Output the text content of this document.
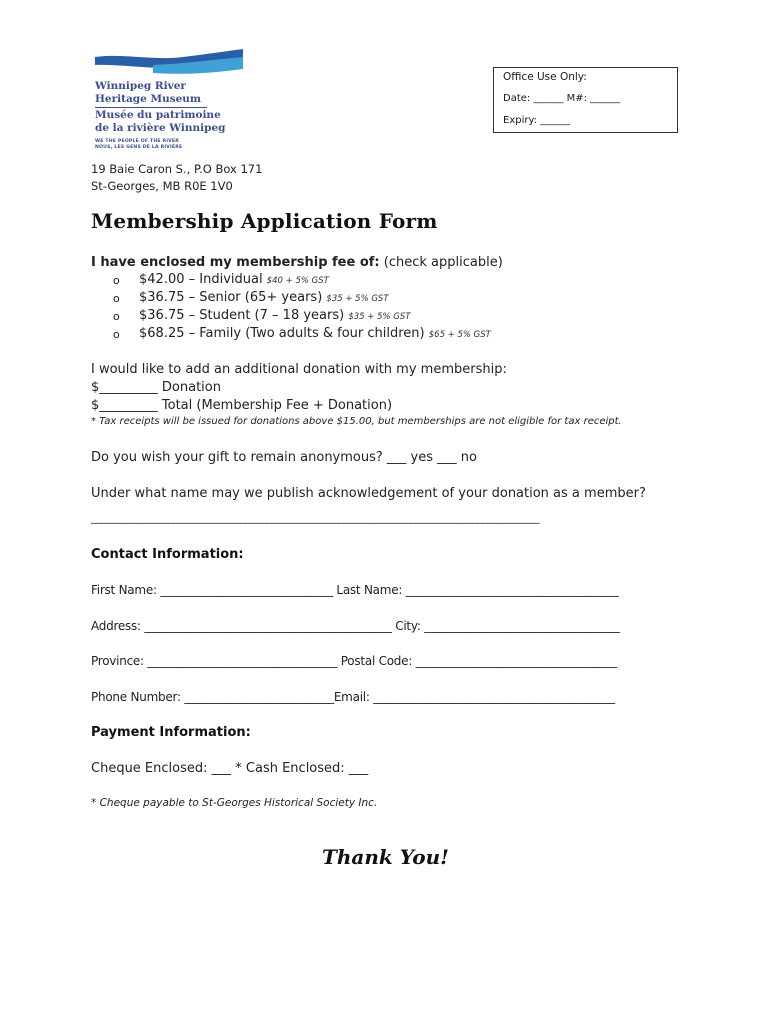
Winnipeg River
Heritage Museum
Musée du patrimoine
de la rivière Winnipeg
WE THE PEOPLE OF THE RIVER
NOUS, LES GENS DE LA RIVIÈRE
Office Use Only:
Date: ______ M#: ______
Expiry: ______
19 Baie Caron S., P.O Box 171
St-Georges, MB R0E 1V0
Membership Application Form
I have enclosed my membership fee of: (check applicable)
o $42.00 – Individual $40 + 5% GST
o $36.75 – Senior (65+ years) $35 + 5% GST
o $36.75 – Student (7 – 18 years) $35 + 5% GST
o $68.25 – Family (Two adults & four children) $65 + 5% GST
I would like to add an additional donation with my membership:
$_________ Donation
$_________ Total (Membership Fee + Donation)
* Tax receipts will be issued for donations above $15.00, but memberships are not eligible for tax receipt.
Do you wish your gift to remain anonymous? ___ yes ___ no
Under what name may we publish acknowledgement of your donation as a member?
_______________________________________________________________________________________
Contact Information:
First Name: ______________________________ Last Name: _____________________________________
Address: ___________________________________________ City: __________________________________
Province: _________________________________ Postal Code: ___________________________________
Phone Number: __________________________Email: __________________________________________
Payment Information:
Cheque Enclosed: ___ * Cash Enclosed: ___
* Cheque payable to St-Georges Historical Society Inc.
Thank You!
